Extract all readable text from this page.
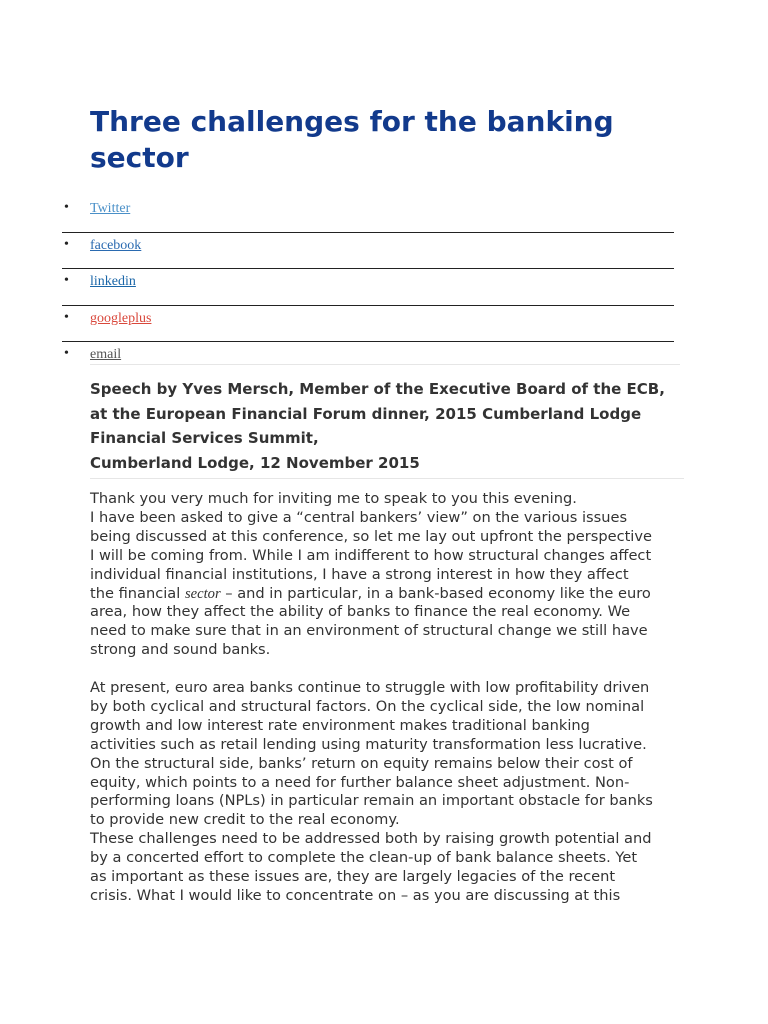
Three challenges for the banking sector
• Twitter
• facebook
• linkedin
• googleplus
• email
Speech by Yves Mersch, Member of the Executive Board of the ECB,
at the European Financial Forum dinner, 2015 Cumberland Lodge
Financial Services Summit,
Cumberland Lodge, 12 November 2015
Thank you very much for inviting me to speak to you this evening.
I have been asked to give a “central bankers’ view” on the various issues
being discussed at this conference, so let me lay out upfront the perspective
I will be coming from. While I am indifferent to how structural changes affect
individual financial institutions, I have a strong interest in how they affect
the financial sector – and in particular, in a bank-based economy like the euro
area, how they affect the ability of banks to finance the real economy. We
need to make sure that in an environment of structural change we still have
strong and sound banks.
At present, euro area banks continue to struggle with low profitability driven
by both cyclical and structural factors. On the cyclical side, the low nominal
growth and low interest rate environment makes traditional banking
activities such as retail lending using maturity transformation less lucrative.
On the structural side, banks’ return on equity remains below their cost of
equity, which points to a need for further balance sheet adjustment. Non-
performing loans (NPLs) in particular remain an important obstacle for banks
to provide new credit to the real economy.
These challenges need to be addressed both by raising growth potential and
by a concerted effort to complete the clean-up of bank balance sheets. Yet
as important as these issues are, they are largely legacies of the recent
crisis. What I would like to concentrate on – as you are discussing at this
